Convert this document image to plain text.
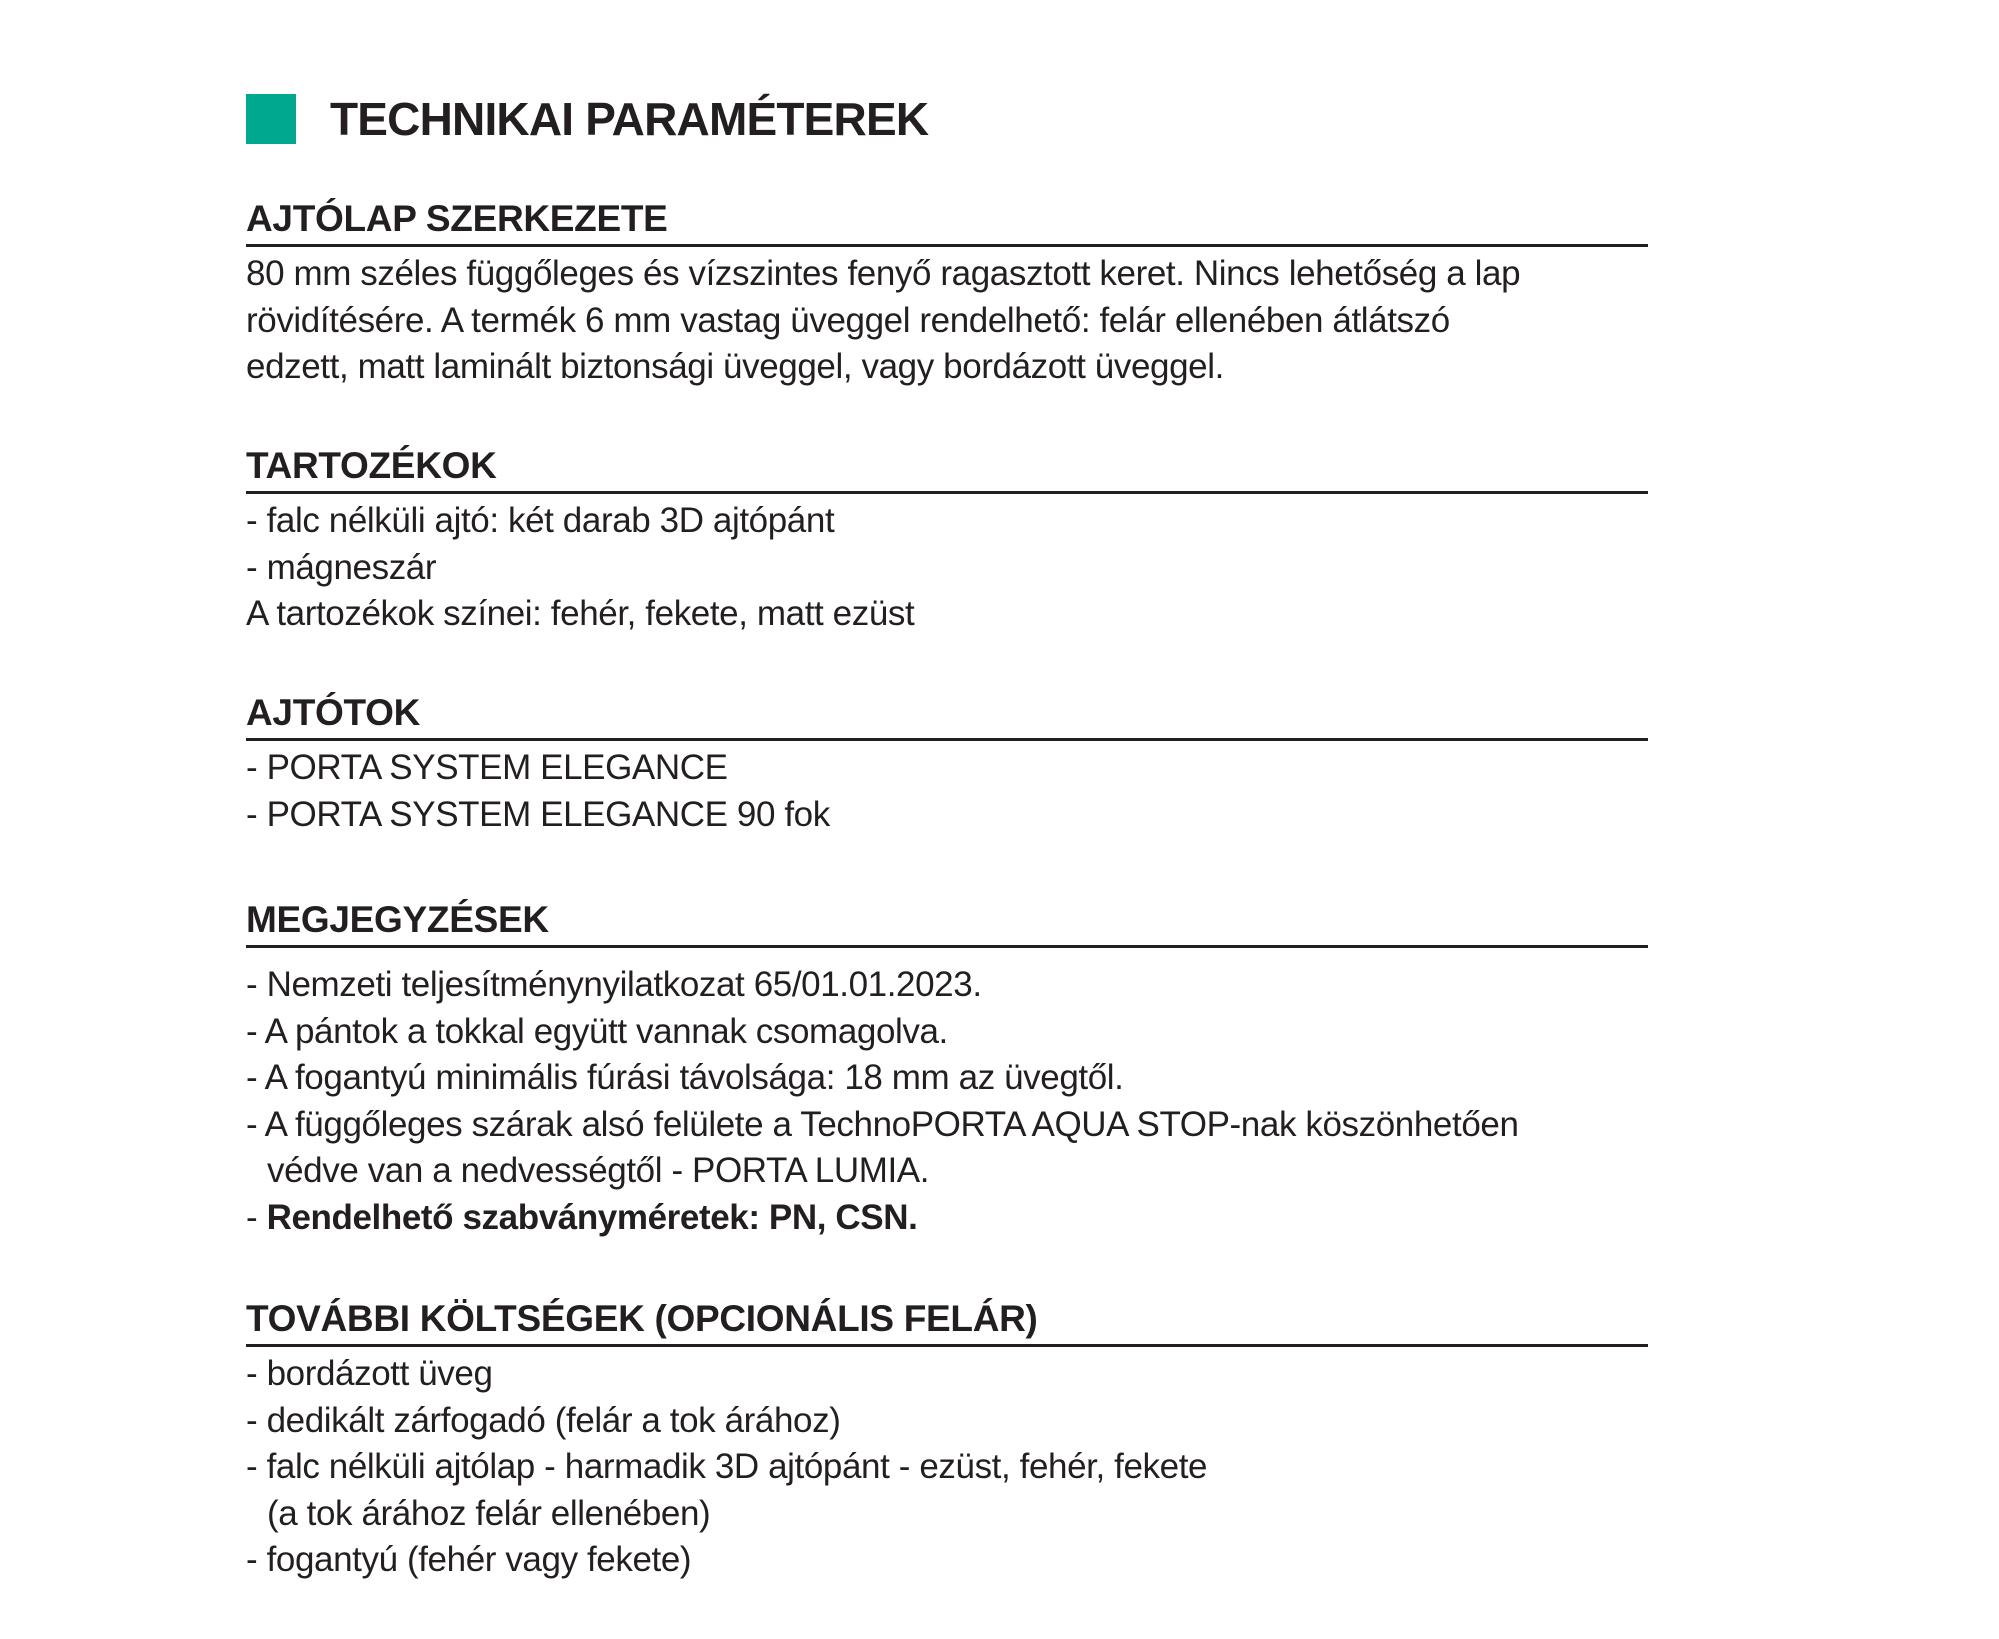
TECHNIKAI PARAMÉTEREK
AJTÓLAP SZERKEZETE
80 mm széles függőleges és vízszintes fenyő ragasztott keret. Nincs lehetőség a lap
rövidítésére. A termék 6 mm vastag üveggel rendelhető: felár ellenében átlátszó
edzett, matt laminált biztonsági üveggel, vagy bordázott üveggel.
TARTOZÉKOK
- falc nélküli ajtó: két darab 3D ajtópánt
- mágneszár
A tartozékok színei: fehér, fekete, matt ezüst
AJTÓTOK
- PORTA SYSTEM ELEGANCE
- PORTA SYSTEM ELEGANCE 90 fok
MEGJEGYZÉSEK
- Nemzeti teljesítménynyilatkozat 65/01.01.2023.
- A pántok a tokkal együtt vannak csomagolva.
- A fogantyú minimális fúrási távolsága: 18 mm az üvegtől.
- A függőleges szárak alsó felülete a TechnoPORTA AQUA STOP-nak köszönhetően
védve van a nedvességtől - PORTA LUMIA.
- Rendelhető szabványméretek: PN, CSN.
TOVÁBBI KÖLTSÉGEK (OPCIONÁLIS FELÁR)
- bordázott üveg
- dedikált zárfogadó (felár a tok árához)
- falc nélküli ajtólap - harmadik 3D ajtópánt - ezüst, fehér, fekete
(a tok árához felár ellenében)
- fogantyú (fehér vagy fekete)
